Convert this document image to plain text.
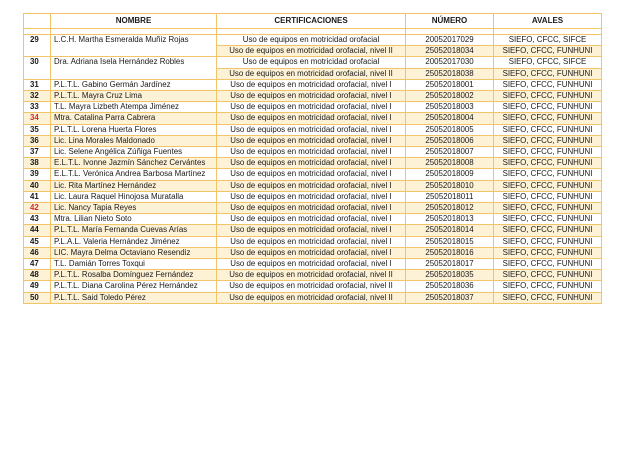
	NOMBRE	CERTIFICACIONES	NÚMERO	AVALES

29	L.C.H. Martha Esmeralda Muñiz Rojas	Uso de equipos en motricidad orofacial	20052017029	SIEFO, CFCC, SIFCE
		Uso de equipos en motricidad orofacial, nivel II	25052018034	SIEFO, CFCC, FUNHUNI
30	Dra. Adriana Isela Hernández Robles	Uso de equipos en motricidad orofacial	20052017030	SIEFO, CFCC, SIFCE
		Uso de equipos en motricidad orofacial, nivel II	25052018038	SIEFO, CFCC, FUNHUNI
31	P.L.T.L. Gabino Germán Jardínez	Uso de equipos en motricidad orofacial, nivel I	25052018001	SIEFO, CFCC, FUNHUNI
32	P.L.T.L. Mayra Cruz Lima	Uso de equipos en motricidad orofacial, nivel I	25052018002	SIEFO, CFCC, FUNHUNI
33	T.L. Mayra Lizbeth Atempa Jiménez	Uso de equipos en motricidad orofacial, nivel I	25052018003	SIEFO, CFCC, FUNHUNI
34	Mtra. Catalina Parra Cabrera	Uso de equipos en motricidad orofacial, nivel I	25052018004	SIEFO, CFCC, FUNHUNI
35	P.L.T.L. Lorena Huerta Flores	Uso de equipos en motricidad orofacial, nivel I	25052018005	SIEFO, CFCC, FUNHUNI
36	Lic. Lina Morales Maldonado	Uso de equipos en motricidad orofacial, nivel I	25052018006	SIEFO, CFCC, FUNHUNI
37	Lic. Selene Angélica Zúñiga Fuentes	Uso de equipos en motricidad orofacial, nivel I	25052018007	SIEFO, CFCC, FUNHUNI
38	E.L.T.L. Ivonne Jazmín Sánchez Cervántes	Uso de equipos en motricidad orofacial, nivel I	25052018008	SIEFO, CFCC, FUNHUNI
39	E.L.T.L. Verónica Andrea Barbosa Martínez	Uso de equipos en motricidad orofacial, nivel I	25052018009	SIEFO, CFCC, FUNHUNI
40	Lic. Rita Martínez Hernández	Uso de equipos en motricidad orofacial, nivel I	25052018010	SIEFO, CFCC, FUNHUNI
41	Lic. Laura Raquel Hinojosa Muratalla	Uso de equipos en motricidad orofacial, nivel I	25052018011	SIEFO, CFCC, FUNHUNI
42	Lic. Nancy Tapia Reyes	Uso de equipos en motricidad orofacial, nivel I	25052018012	SIEFO, CFCC, FUNHUNI
43	Mtra. Lilian Nieto Soto	Uso de equipos en motricidad orofacial, nivel I	25052018013	SIEFO, CFCC, FUNHUNI
44	P.L.T.L. María Fernanda Cuevas Arías	Uso de equipos en motricidad orofacial, nivel I	25052018014	SIEFO, CFCC, FUNHUNI
45	P.L.A.L. Valeria Hernández Jiménez	Uso de equipos en motricidad orofacial, nivel I	25052018015	SIEFO, CFCC, FUNHUNI
46	LIC. Mayra Delma Octaviano Resendiz	Uso de equipos en motricidad orofacial, nivel I	25052018016	SIEFO, CFCC, FUNHUNI
47	T.L. Damián Torres Toxqui	Uso de equipos en motricidad orofacial, nivel I	25052018017	SIEFO, CFCC, FUNHUNI
48	P.L.T.L. Rosalba Domínguez Fernández	Uso de equipos en motricidad orofacial, nivel II	25052018035	SIEFO, CFCC, FUNHUNI
49	P.L.T.L. Diana Carolina Pérez Hernández	Uso de equipos en motricidad orofacial, nivel II	25052018036	SIEFO, CFCC, FUNHUNI
50	P.L.T.L. Said Toledo Pérez	Uso de equipos en motricidad orofacial, nivel II	25052018037	SIEFO, CFCC, FUNHUNI
